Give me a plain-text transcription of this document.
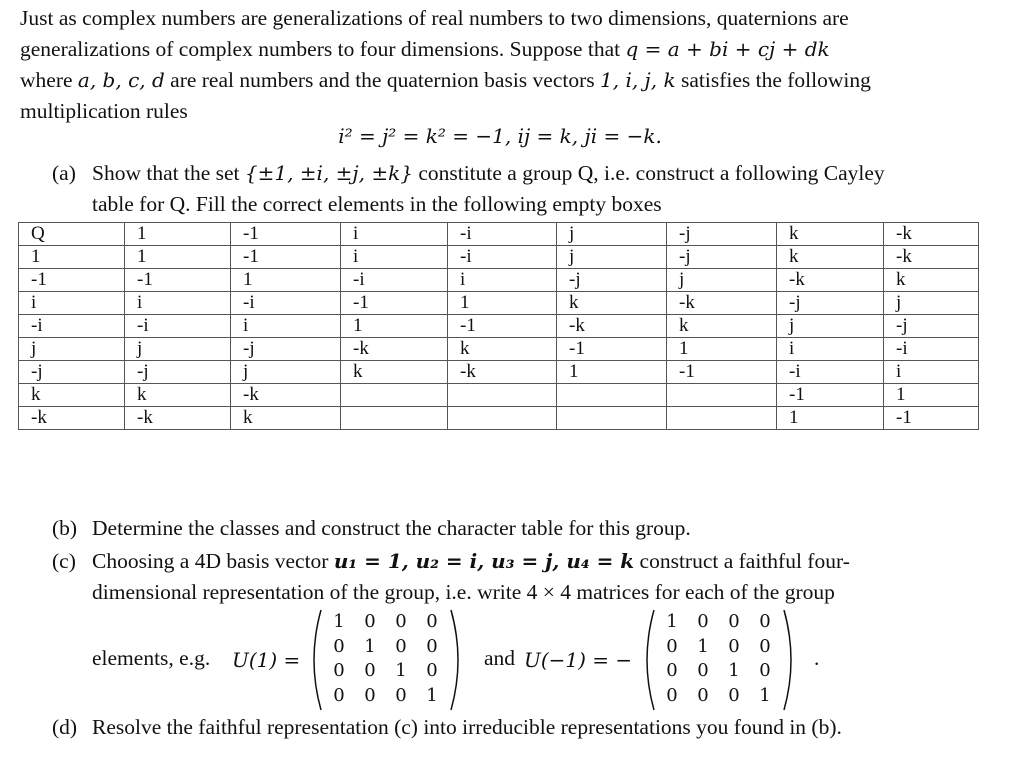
Just as complex numbers are generalizations of real numbers to two dimensions, quaternions are

generalizations of complex numbers to four dimensions. Suppose that q = a + bi + cj + dk

where a, b, c, d are real numbers and the quaternion basis vectors 1, i, j, k satisfies the following

multiplication rules

i² = j² = k² = −1, ij = k, ji = −k.
(a) Show that the set {±1, ±i, ±j, ±k} constitute a group Q, i.e. construct a following Cayley
table for Q. Fill the correct elements in the following empty boxes
Q	1	-1	i	-i	j	-j	k	-k
1	1	-1	i	-i	j	-j	k	-k
-1	-1	1	-i	i	-j	j	-k	k
i	i	-i	-1	1	k	-k	-j	j
-i	-i	i	1	-1	-k	k	j	-j
j	j	-j	-k	k	-1	1	i	-i
-j	-j	j	k	-k	1	-1	-i	i
k	k	-k					-1	1
-k	-k	k					1	-1
(b) Determine the classes and construct the character table for this group.
(c) Choosing a 4D basis vector u₁ = 1, u₂ = i, u₃ = j, u₄ = k construct a faithful four-
dimensional representation of the group, i.e. write 4 × 4 matrices for each of the group
elements, e.g. U(1) =
1	0	0	0
0	1	0	0
0	0	1	0
0	0	0	1
and U(−1) = −
1	0	0	0
0	1	0	0
0	0	1	0
0	0	0	1
.
(d) Resolve the faithful representation (c) into irreducible representations you found in (b).
